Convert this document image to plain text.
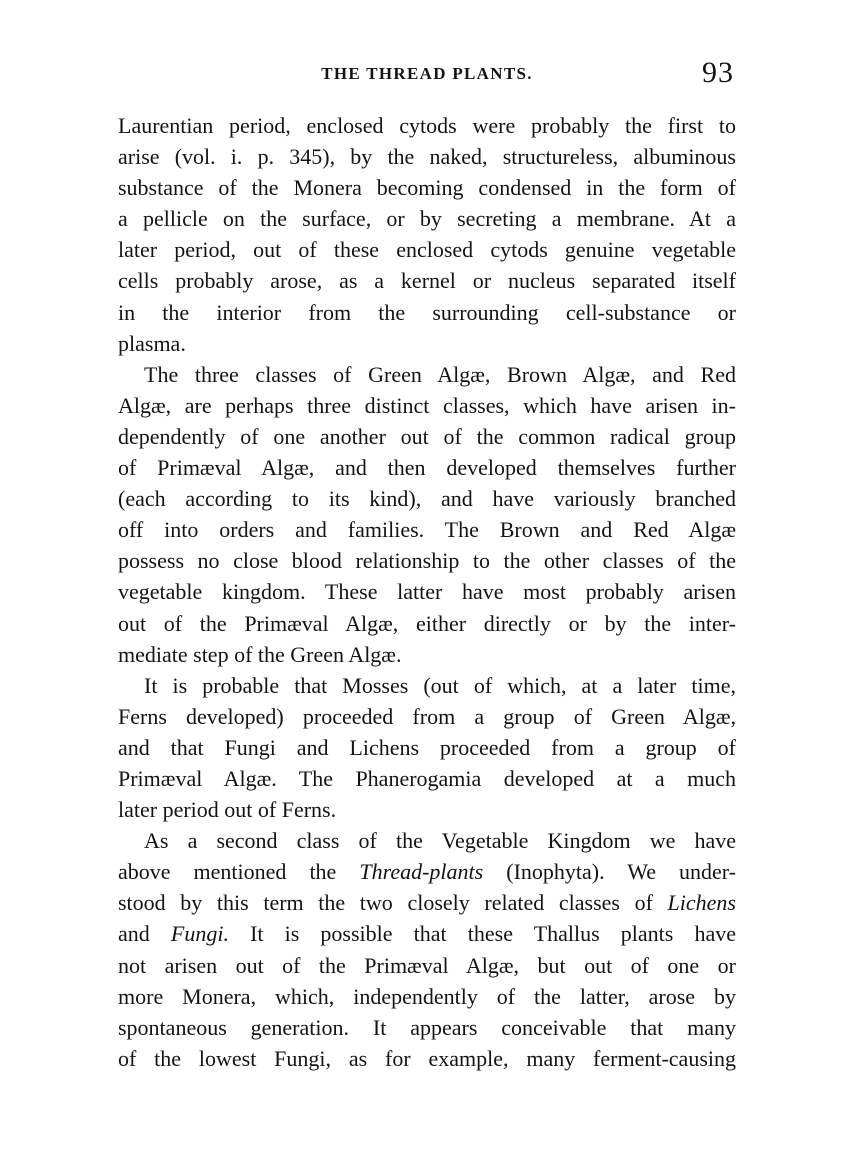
THE THREAD PLANTS.	93
Laurentian period, enclosed cytods were probably the first to
arise (vol. i. p. 345), by the naked, structureless, albuminous
substance of the Monera becoming condensed in the form of
a pellicle on the surface, or by secreting a membrane. At a
later period, out of these enclosed cytods genuine vegetable
cells probably arose, as a kernel or nucleus separated itself
in the interior from the surrounding cell-substance or
plasma.
The three classes of Green Algæ, Brown Algæ, and Red
Algæ, are perhaps three distinct classes, which have arisen in-
dependently of one another out of the common radical group
of Primæval Algæ, and then developed themselves further
(each according to its kind), and have variously branched
off into orders and families. The Brown and Red Algæ
possess no close blood relationship to the other classes of the
vegetable kingdom. These latter have most probably arisen
out of the Primæval Algæ, either directly or by the inter-
mediate step of the Green Algæ.
It is probable that Mosses (out of which, at a later time,
Ferns developed) proceeded from a group of Green Algæ,
and that Fungi and Lichens proceeded from a group of
Primæval Algæ. The Phanerogamia developed at a much
later period out of Ferns.
As a second class of the Vegetable Kingdom we have
above mentioned the Thread-plants (Inophyta). We under-
stood by this term the two closely related classes of Lichens
and Fungi. It is possible that these Thallus plants have
not arisen out of the Primæval Algæ, but out of one or
more Monera, which, independently of the latter, arose by
spontaneous generation. It appears conceivable that many
of the lowest Fungi, as for example, many ferment-causing
